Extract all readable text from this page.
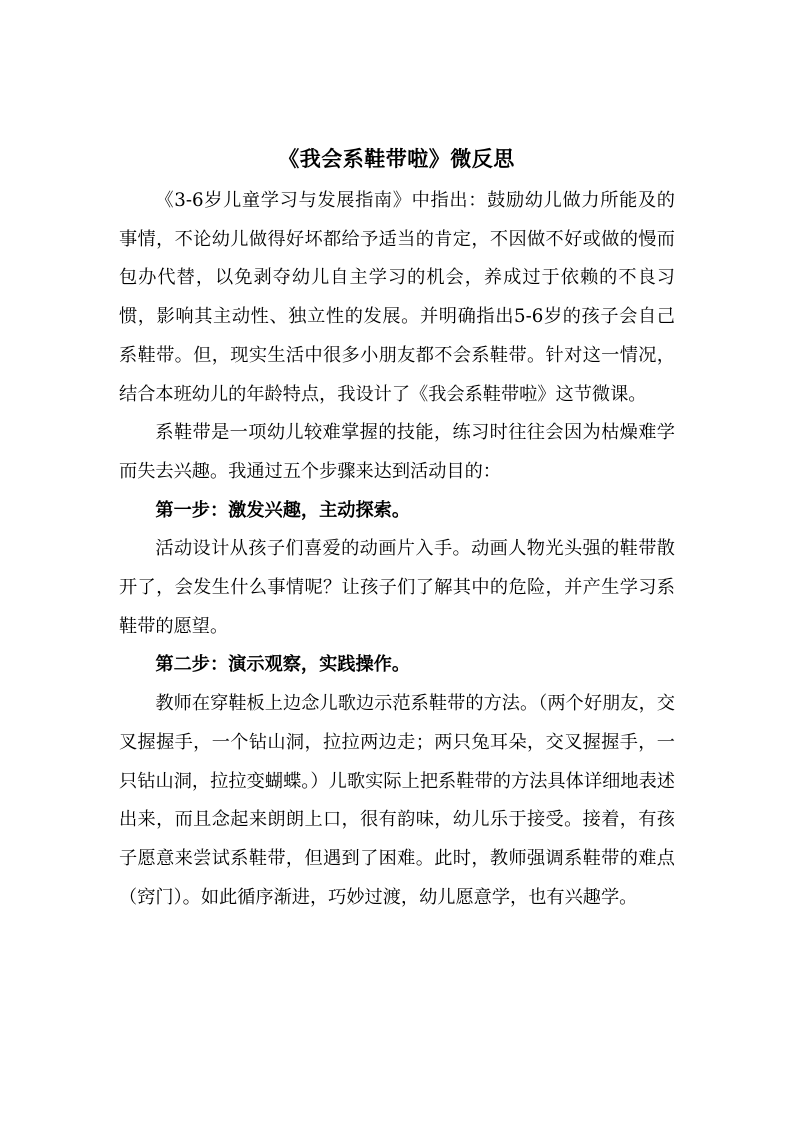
《我会系鞋带啦》微反思

《3-6岁儿童学习与发展指南》中指出：鼓励幼儿做力所能及的事情，不论幼儿做得好坏都给予适当的肯定，不因做不好或做的慢而包办代替，以免剥夺幼儿自主学习的机会，养成过于依赖的不良习惯，影响其主动性、独立性的发展。并明确指出5-6岁的孩子会自己系鞋带。但，现实生活中很多小朋友都不会系鞋带。针对这一情况，结合本班幼儿的年龄特点，我设计了《我会系鞋带啦》这节微课。

系鞋带是一项幼儿较难掌握的技能，练习时往往会因为枯燥难学而失去兴趣。我通过五个步骤来达到活动目的：

第一步：激发兴趣，主动探索。

活动设计从孩子们喜爱的动画片入手。动画人物光头强的鞋带散开了，会发生什么事情呢？让孩子们了解其中的危险，并产生学习系鞋带的愿望。

第二步：演示观察，实践操作。

教师在穿鞋板上边念儿歌边示范系鞋带的方法。（两个好朋友，交叉握握手，一个钻山洞，拉拉两边走；两只兔耳朵，交叉握握手，一只钻山洞，拉拉变蝴蝶。）儿歌实际上把系鞋带的方法具体详细地表述出来，而且念起来朗朗上口，很有韵味，幼儿乐于接受。接着，有孩子愿意来尝试系鞋带，但遇到了困难。此时，教师强调系鞋带的难点（窍门）。如此循序渐进，巧妙过渡，幼儿愿意学，也有兴趣学。
